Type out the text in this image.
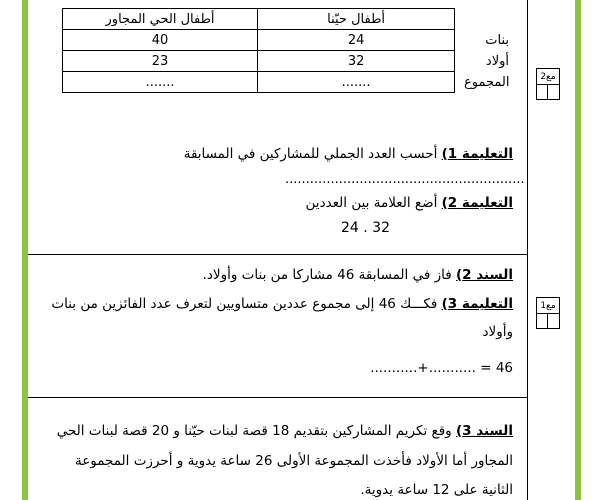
أطفال الحي المجاور	أطفال حيّنا	
40	24	بنات
23	32	أولاد
.......	.......	المجموع	مع2
التعليمة 1) أحسب العدد الجملي للمشاركين في المسابقة
..........................................................
التعليمة 2) أضع العلامة بين العددين
32 . 24
السند 2) فاز في المسابقة 46 مشاركا من بنات وأولاد.
مع1
التعليمة 3) فكـــك 46 إلى مجموع عددين متساويين لتعرف عدد الفائزين من بنات
وأولاد
46 = ...........+...........
السند 3) وقع تكريم المشاركين بتقديم 18 قصة لبنات حيّنا و 20 قصة لبنات الحي
المجاور أما الأولاد فأخذت المجموعة الأولى 26 ساعة يدوية و أحرزت المجموعة
الثانية على 12 ساعة يدوية.
